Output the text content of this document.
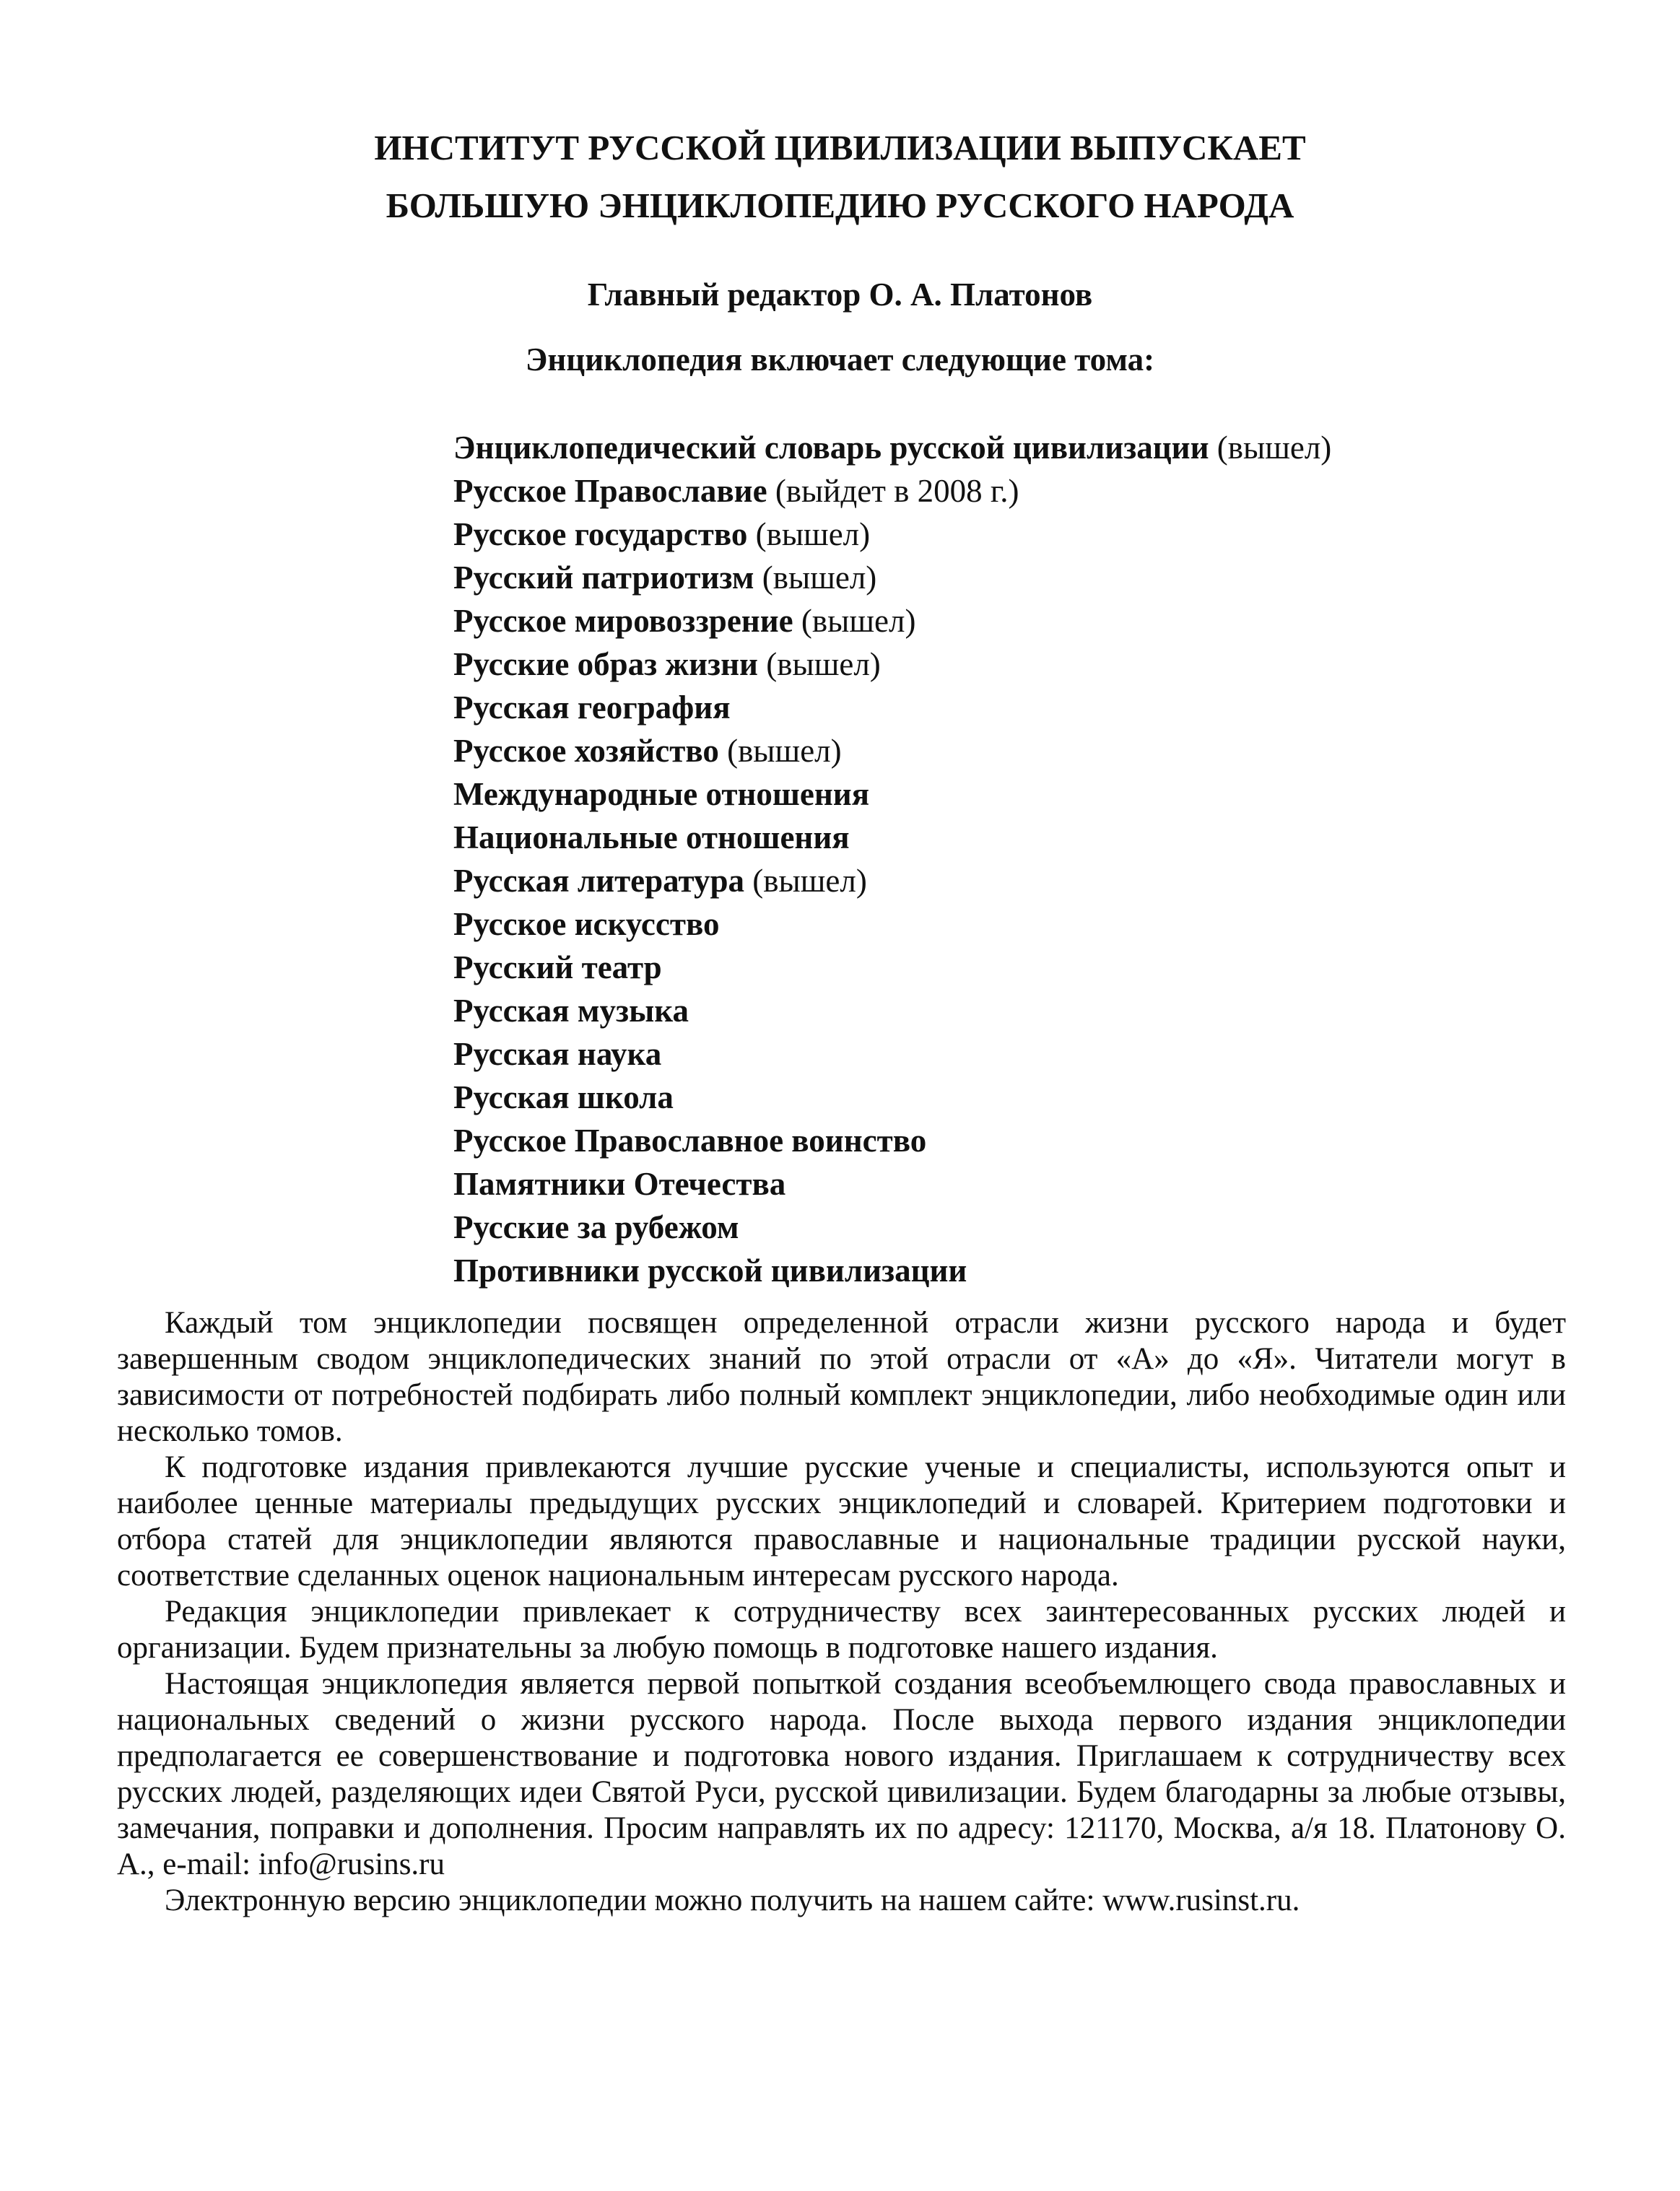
ИНСТИТУТ РУССКОЙ ЦИВИЛИЗАЦИИ ВЫПУСКАЕТ
БОЛЬШУЮ ЭНЦИКЛОПЕДИЮ РУССКОГО НАРОДА

Главный редактор О. А. Платонов

Энциклопедия включает следующие тома:

Энциклопедический словарь русской цивилизации (вышел)
Русское Православие (выйдет в 2008 г.)
Русское государство (вышел)
Русский патриотизм (вышел)
Русское мировоззрение (вышел)
Русские образ жизни (вышел)
Русская география
Русское хозяйство (вышел)
Международные отношения
Национальные отношения
Русская литература (вышел)
Русское искусство
Русский театр
Русская музыка
Русская наука
Русская школа
Русское Православное воинство
Памятники Отечества
Русские за рубежом
Противники русской цивилизации

Каждый том энциклопедии посвящен определенной отрасли жизни русского народа и будет завершенным сводом энциклопедических знаний по этой отрасли от «А» до «Я». Читатели могут в зависимости от потребностей подбирать либо полный комплект энциклопедии, либо необходимые один или несколько томов.

К подготовке издания привлекаются лучшие русские ученые и специалисты, используются опыт и наиболее ценные материалы предыдущих русских энциклопедий и словарей. Критерием подготовки и отбора статей для энциклопедии являются православные и национальные традиции русской науки, соответствие сделанных оценок национальным интересам русского народа.

Редакция энциклопедии привлекает к сотрудничеству всех заинтересованных русских людей и организации. Будем признательны за любую помощь в подготовке нашего издания.

Настоящая энциклопедия является первой попыткой создания всеобъемлющего свода православных и национальных сведений о жизни русского народа. После выхода первого издания энциклопедии предполагается ее совершенствование и подготовка нового издания. Приглашаем к сотрудничеству всех русских людей, разделяющих идеи Святой Руси, русской цивилизации. Будем благодарны за любые отзывы, замечания, поправки и дополнения. Просим направлять их по адресу: 121170, Москва, а/я 18. Платонову О. А., e-mail: info@rusins.ru

Электронную версию энциклопедии можно получить на нашем сайте: www.rusinst.ru.
